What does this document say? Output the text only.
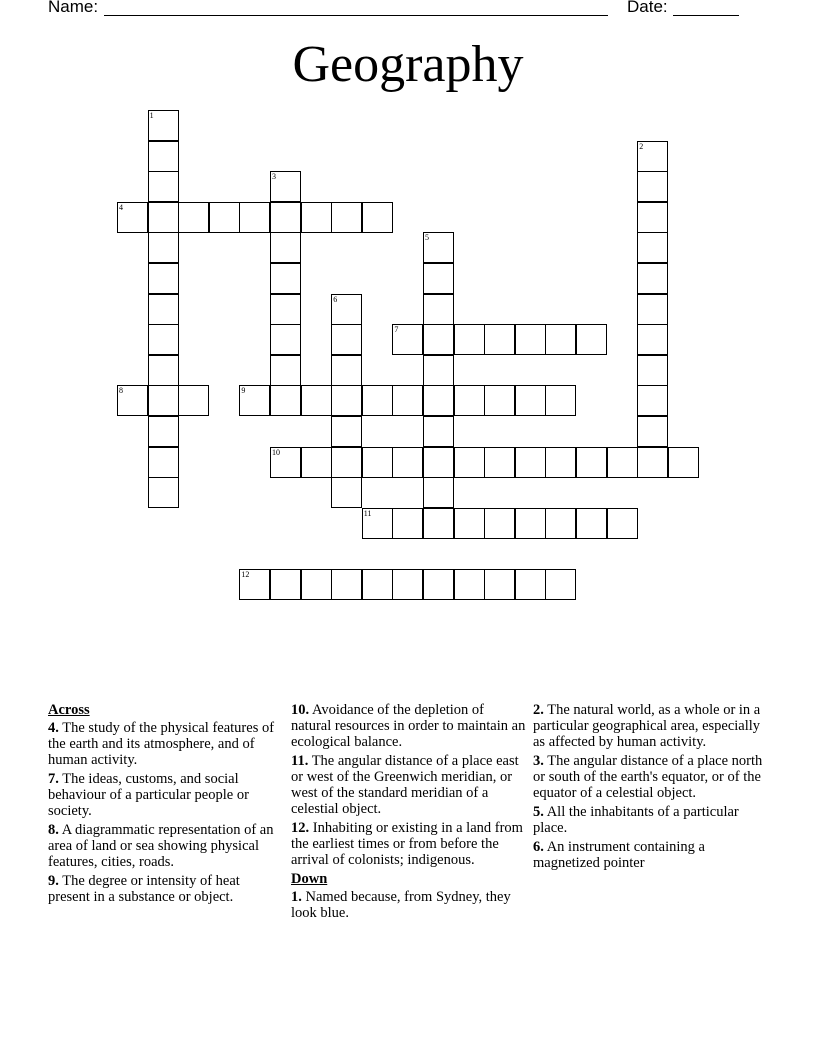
Name:	Date:
Geography
1
2
3
4
5
6
7
8	9
10
11
12
Across
4. The study of the physical features of the earth and its atmosphere, and of human activity.
7. The ideas, customs, and social behaviour of a particular people or society.
8. A diagrammatic representation of an area of land or sea showing physical features, cities, roads.
9. The degree or intensity of heat present in a substance or object.
10. Avoidance of the depletion of natural resources in order to maintain an ecological balance.
11. The angular distance of a place east or west of the Greenwich meridian, or west of the standard meridian of a celestial object.
12. Inhabiting or existing in a land from the earliest times or from before the arrival of colonists; indigenous.
Down
1. Named because, from Sydney, they look blue.
2. The natural world, as a whole or in a particular geographical area, especially as affected by human activity.
3. The angular distance of a place north or south of the earth's equator, or of the equator of a celestial object.
5. All the inhabitants of a particular place.
6. An instrument containing a magnetized pointer
